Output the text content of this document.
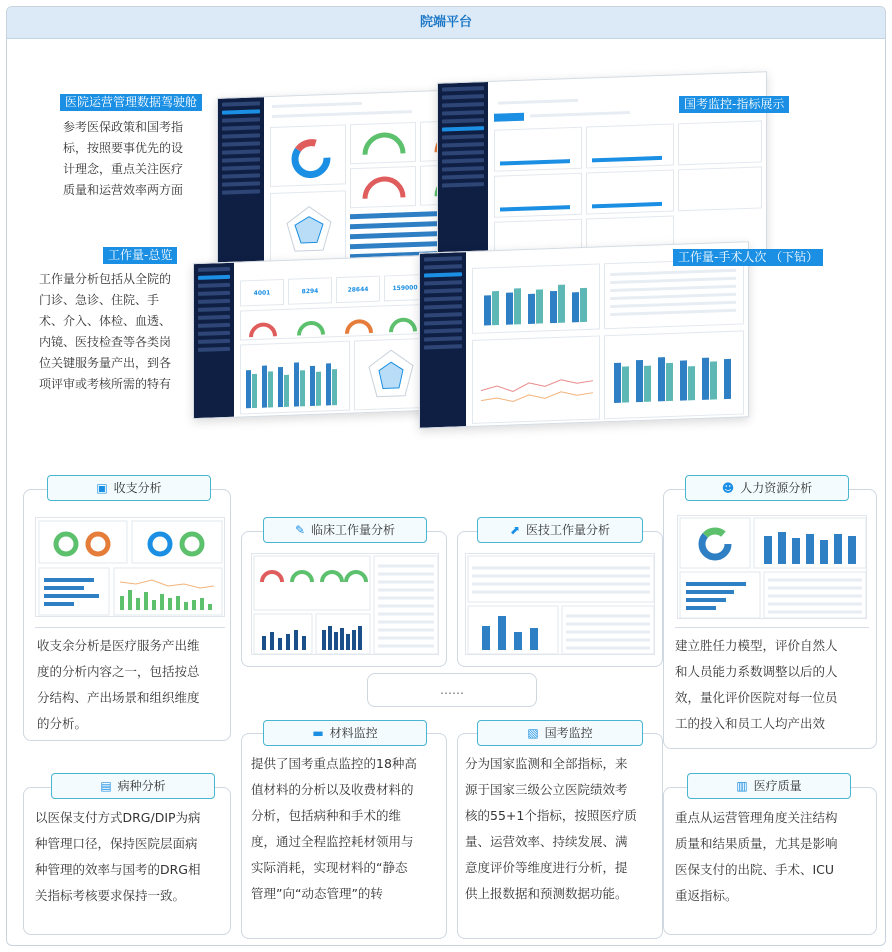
院端平台
4001	8294	28644	159000
医院运营管理数据驾驶舱
参考医保政策和国考指
标，按照要事优先的设
计理念，重点关注医疗
质量和运营效率两方面
国考监控-指标展示
工作量-总览
工作量分析包括从全院的
门诊、急诊、住院、手
术、介入、体检、血透、
内镜、医技检查等各类岗
位关键服务量产出，到各
项评审或考核所需的特有
工作量-手术人次 （下钻）
▣ 收支分析
收支余分析是医疗服务产出维
度的分析内容之一，包括按总
分结构、产出场景和组织维度
的分析。
✎ 临床工作量分析	⬈ 医技工作量分析
……
☻ 人力资源分析
建立胜任力模型，评价自然人
和人员能力系数调整以后的人
效，量化评价医院对每一位员
工的投入和员工人均产出效
▤ 病种分析
以医保支付方式DRG/DIP为病
种管理口径，保持医院层面病
种管理的效率与国考的DRG相
关指标考核要求保持一致。
▬ 材料监控
提供了国考重点监控的18种高
值材料的分析以及收费材料的
分析，包括病种和手术的维
度，通过全程监控耗材领用与
实际消耗，实现材料的“静态
管理”向“动态管理”的转
▧ 国考监控
分为国家监测和全部指标，来
源于国家三级公立医院绩效考
核的55+1个指标，按照医疗质
量、运营效率、持续发展、满
意度评价等维度进行分析，提
供上报数据和预测数据功能。
▥ 医疗质量
重点从运营管理角度关注结构
质量和结果质量，尤其是影响
医保支付的出院、手术、ICU
重返指标。
